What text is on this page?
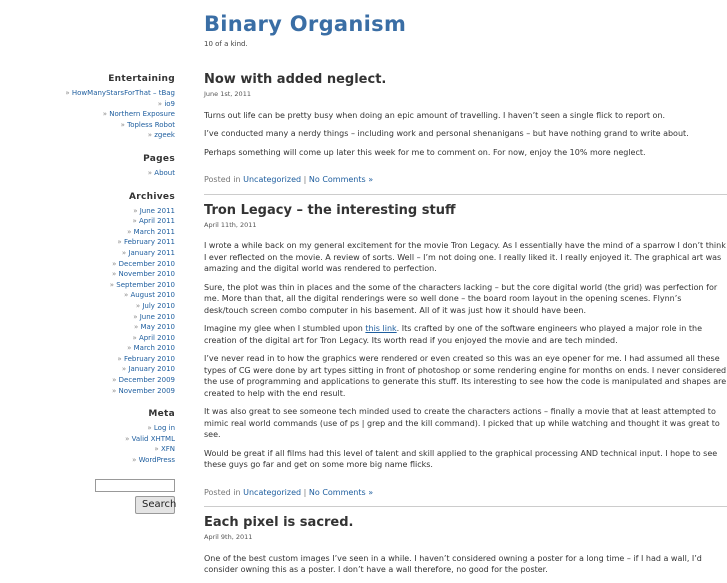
Binary Organism
10 of a kind.
Entertaining
» HowManyStarsForThat – tBag
» io9
» Northern Exposure
» Topless Robot
» zgeek
Pages
» About
Archives
» June 2011
» April 2011
» March 2011
» February 2011
» January 2011
» December 2010
» November 2010
» September 2010
» August 2010
» July 2010
» June 2010
» May 2010
» April 2010
» March 2010
» February 2010
» January 2010
» December 2009
» November 2009
Meta
» Log in
» Valid XHTML
» XFN
» WordPress

Search
Now with added neglect.
June 1st, 2011

Turns out life can be pretty busy when doing an epic amount of travelling. I haven’t seen a single flick to report on.

I’ve conducted many a nerdy things – including work and personal shenanigans – but have nothing grand to write about.

Perhaps something will come up later this week for me to comment on. For now, enjoy the 10% more neglect.

Posted in Uncategorized | No Comments »
Tron Legacy – the interesting stuff
April 11th, 2011

I wrote a while back on my general excitement for the movie Tron Legacy. As I essentially have the mind of a sparrow I don’t think I ever reflected on the movie. A review of sorts. Well – I’m not doing one. I really liked it. I really enjoyed it. The graphical art was amazing and the digital world was rendered to perfection.

Sure, the plot was thin in places and the some of the characters lacking – but the core digital world (the grid) was perfection for me. More than that, all the digital renderings were so well done – the board room layout in the opening scenes. Flynn’s desk/touch screen combo computer in his basement. All of it was just how it should have been.

Imagine my glee when I stumbled upon this link. Its crafted by one of the software engineers who played a major role in the creation of the digital art for Tron Legacy. Its worth read if you enjoyed the movie and are tech minded.

I’ve never read in to how the graphics were rendered or even created so this was an eye opener for me. I had assumed all these types of CG were done by art types sitting in front of photoshop or some rendering engine for months on ends. I never considered the use of programming and applications to generate this stuff. Its interesting to see how the code is manipulated and shapes are created to help with the end result.

It was also great to see someone tech minded used to create the characters actions – finally a movie that at least attempted to mimic real world commands (use of ps | grep and the kill command). I picked that up while watching and thought it was great to see.

Would be great if all films had this level of talent and skill applied to the graphical processing AND technical input. I hope to see these guys go far and get on some more big name flicks.

Posted in Uncategorized | No Comments »
Each pixel is sacred.
April 9th, 2011

One of the best custom images I’ve seen in a while. I haven’t considered owning a poster for a long time – if I had a wall, I’d consider owning this as a poster. I don’t have a wall therefore, no good for the poster.
